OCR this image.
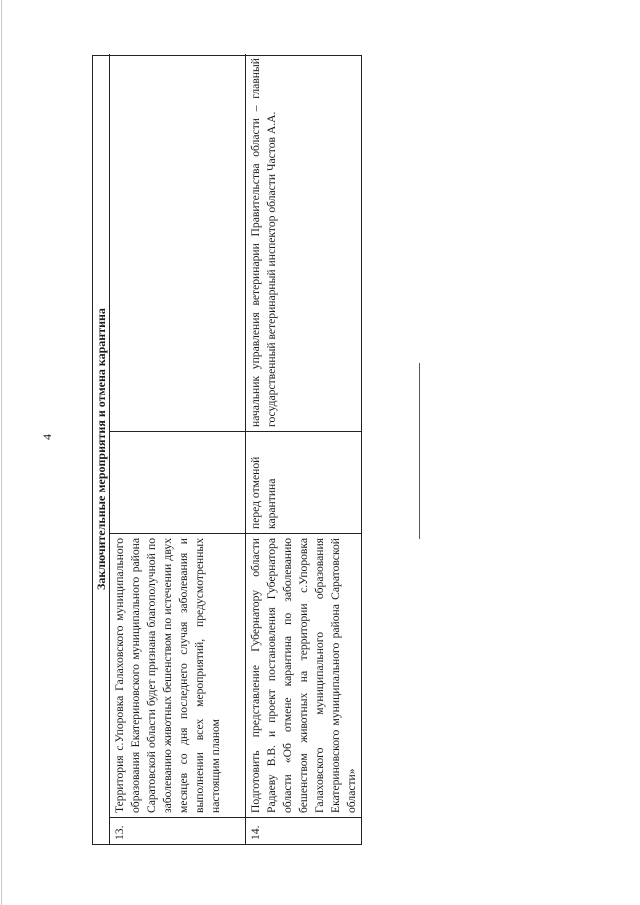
4	Заключительные мероприятия и отмена карантина
13.
Территория с.Упоровка Галаховского муниципального образования Екатериновского муниципального района Саратовской области будет признана благополучной по заболеванию животных бешенством по истечении двух месяцев со дня последнего случая заболевания и выполнении всех мероприятий, предусмотренных настоящим планом
14.
Подготовить представление Губернатору области Радаеву В.В. и проект постановления Губернатора области «Об отмене карантина по заболеванию бешенством животных на территории с.Упоровка Галаховского муниципального образования Екатериновского муниципального района Саратовской области»
перед отменой карантина
начальник управления ветеринарии Правительства области – главный государственный ветеринарный инспектор области Частов А.А.
